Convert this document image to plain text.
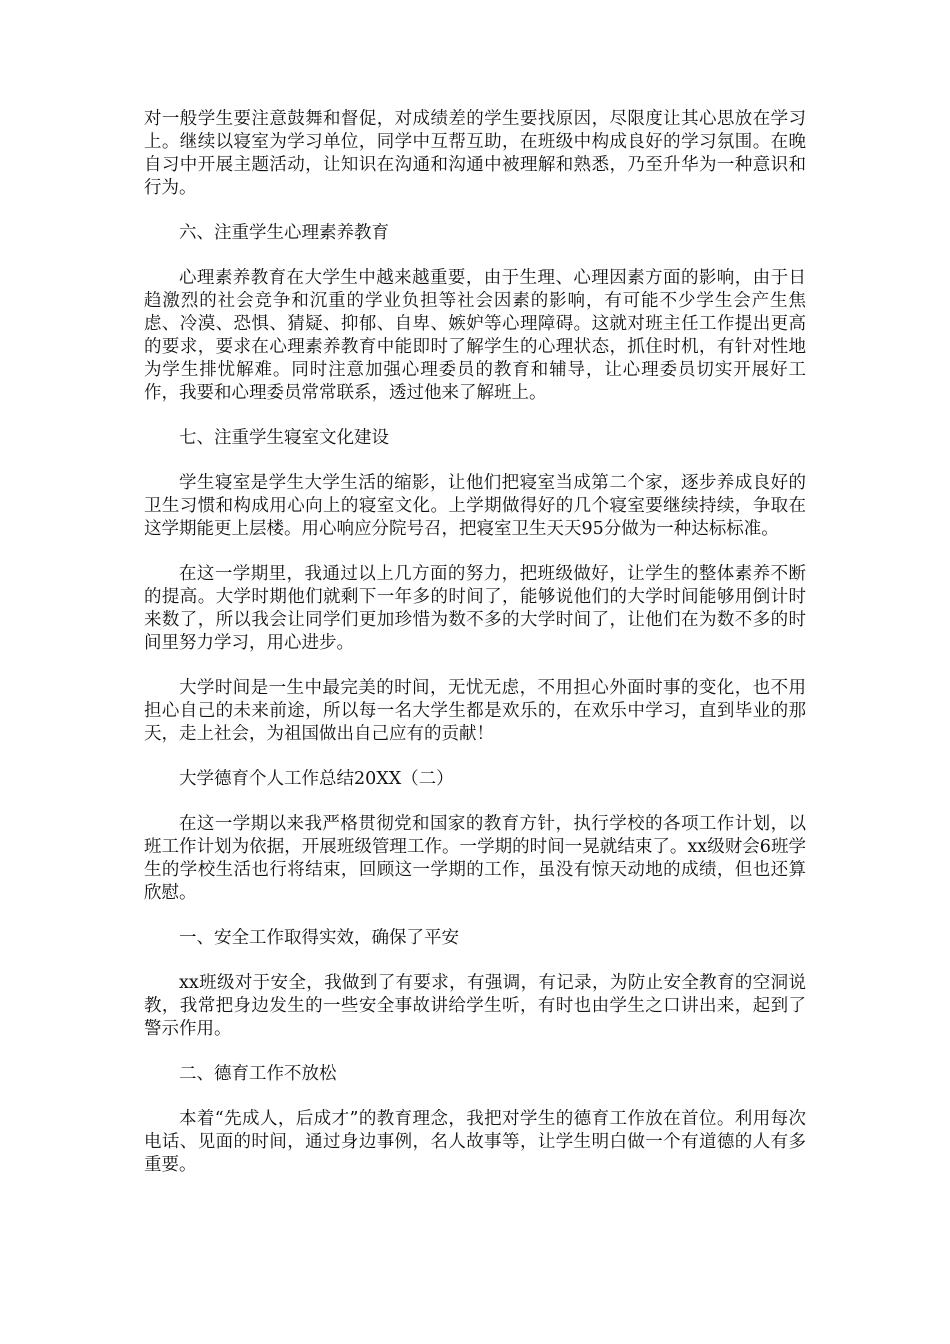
对一般学生要注意鼓舞和督促，对成绩差的学生要找原因，尽限度让其心思放在学习上。继续以寝室为学习单位，同学中互帮互助，在班级中构成良好的学习氛围。在晚自习中开展主题活动，让知识在沟通和沟通中被理解和熟悉，乃至升华为一种意识和行为。

六、注重学生心理素养教育

心理素养教育在大学生中越来越重要，由于生理、心理因素方面的影响，由于日趋激烈的社会竞争和沉重的学业负担等社会因素的影响，有可能不少学生会产生焦虑、冷漠、恐惧、猜疑、抑郁、自卑、嫉妒等心理障碍。这就对班主任工作提出更高的要求，要求在心理素养教育中能即时了解学生的心理状态，抓住时机，有针对性地为学生排忧解难。同时注意加强心理委员的教育和辅导，让心理委员切实开展好工作，我要和心理委员常常联系，透过他来了解班上。

七、注重学生寝室文化建设

学生寝室是学生大学生活的缩影，让他们把寝室当成第二个家，逐步养成良好的卫生习惯和构成用心向上的寝室文化。上学期做得好的几个寝室要继续持续，争取在这学期能更上层楼。用心响应分院号召，把寝室卫生天天95分做为一种达标标准。

在这一学期里，我通过以上几方面的努力，把班级做好，让学生的整体素养不断的提高。大学时期他们就剩下一年多的时间了，能够说他们的大学时间能够用倒计时来数了，所以我会让同学们更加珍惜为数不多的大学时间了，让他们在为数不多的时间里努力学习，用心进步。

大学时间是一生中最完美的时间，无忧无虑，不用担心外面时事的变化，也不用担心自己的未来前途，所以每一名大学生都是欢乐的，在欢乐中学习，直到毕业的那天，走上社会，为祖国做出自己应有的贡献！

大学德育个人工作总结20XX（二）

在这一学期以来我严格贯彻党和国家的教育方针，执行学校的各项工作计划，以班工作计划为依据，开展班级管理工作。一学期的时间一晃就结束了。xx级财会6班学生的学校生活也行将结束，回顾这一学期的工作，虽没有惊天动地的成绩，但也还算欣慰。

一、安全工作取得实效，确保了平安

xx班级对于安全，我做到了有要求，有强调，有记录，为防止安全教育的空洞说教，我常把身边发生的一些安全事故讲给学生听，有时也由学生之口讲出来，起到了警示作用。

二、德育工作不放松

本着“先成人，后成才”的教育理念，我把对学生的德育工作放在首位。利用每次电话、见面的时间，通过身边事例，名人故事等，让学生明白做一个有道德的人有多重要。
